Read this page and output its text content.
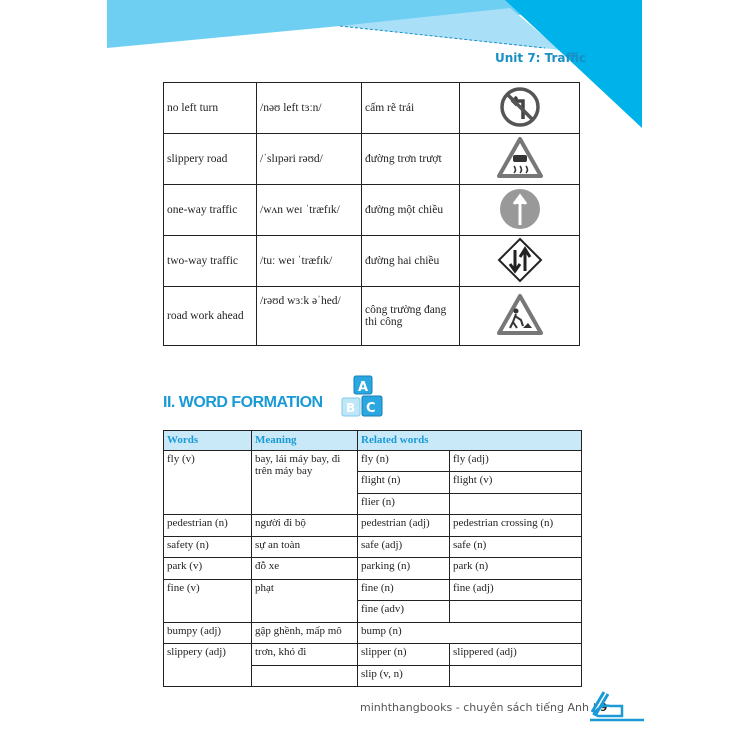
Unit 7: Traffic
no left turn	/nəʊ left tɜːn/	cấm rẽ trái	
slippery road	/ˈslɪpəri rəʊd/	đường trơn trượt	
one-way traffic	/wʌn weɪ ˈtræfɪk/	đường một chiều	
two-way traffic	/tuː weɪ ˈtræfɪk/	đường hai chiều	
road work ahead	/rəʊd wɜːk əˈhed/	công trường đang thi công	
II. WORD FORMATION
A
B C
Words	Meaning	Related words	
fly (v)	bay, lái máy bay, đi trên máy bay	fly (n)	fly (adj)
		flight (n)	flight (v)
		flier (n)	
pedestrian (n)	người đi bộ	pedestrian (adj)	pedestrian crossing (n)
safety (n)	sự an toàn	safe (adj)	safe (n)
park (v)	đỗ xe	parking (n)	park (n)
fine (v)	phạt	fine (n)	fine (adj)
		fine (adv)	
bumpy (adj)	gập ghềnh, mấp mô	bump (n)	
slippery (adj)	trơn, khó đi	slipper (n)	slippered (adj)
		slip (v, n)	
minhthangbooks - chuyên sách tiếng Anh | 9
